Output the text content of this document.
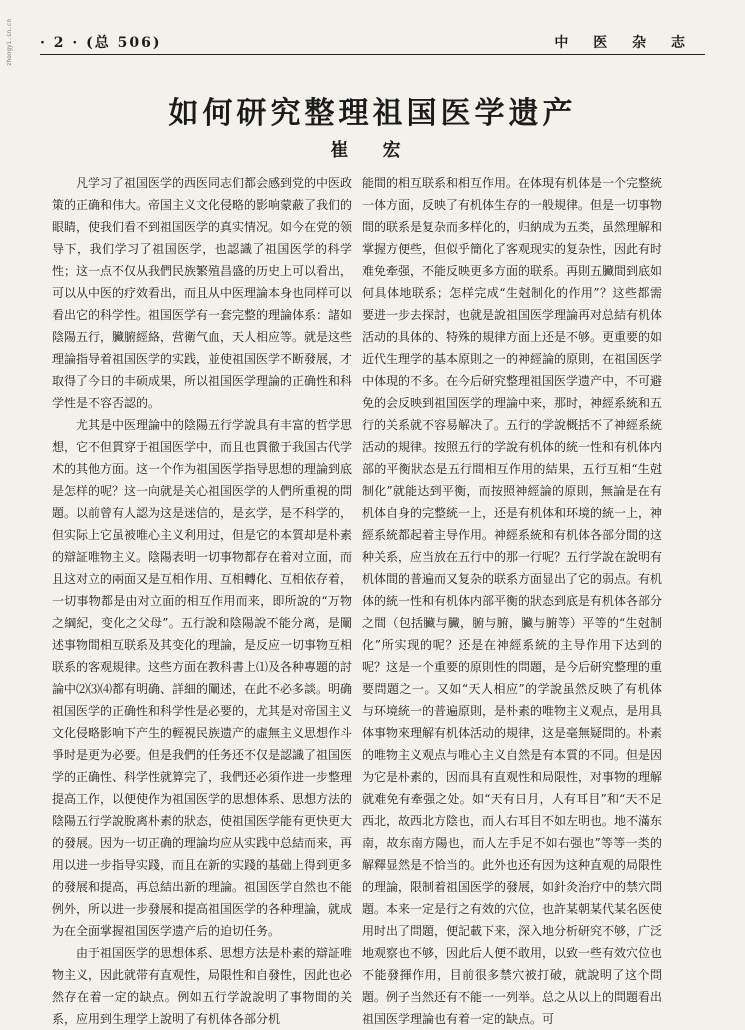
zhongyi.sn.cn	· 2 · (总 506)	中 医 杂 志
如何研究整理祖国医学遗产
崔 宏

凡学习了祖国医学的西医同志们都会感到党的中医政策的正确和伟大。帝国主义文化侵略的影响蒙蔽了我们的眼睛，使我们看不到祖国医学的真实情况。如今在党的领导下，我们学习了祖国医学，也認識了祖国医学的科学性；这一点不仅从我們民族繁殖昌盛的历史上可以看出，可以从中医的疗效看出，而且从中医理論本身也同样可以看出它的科学性。祖国医学有一套完整的理論体系：諸如陰陽五行，臟腑經絡，营衛气血，天人相应等。就是这些理論指导着祖国医学的实践，並使祖国医学不断發展，才取得了今日的丰硕成果，所以祖国医学理論的正确性和科学性是不容否認的。

尤其是中医理論中的陰陽五行学說具有丰富的哲学思想，它不但貫穿于祖国医学中，而且也貫徹于我国古代学术的其他方面。这一个作为祖国医学指导思想的理論到底是怎样的呢？这一向就是关心祖国医学的人們所重視的問題。以前曾有人認为这是迷信的，是玄学，是不科学的，但实际上它虽被唯心主义利用过，但是它的本質却是朴素的辯証唯物主义。陰陽表明一切事物都存在着对立面，而且这对立的兩面又是互相作用、互相轉化、互相依存着，一切事物都是由对立面的相互作用而来，即所說的“万物之綱紀，变化之父母”。五行說和陰陽說不能分离，是闡述事物間相互联系及其变化的理論，是反应一切事物互相联系的客观規律。这些方面在教科書上⑴及各种專題的討論中⑵⑶⑷都有明确、詳細的闡述，在此不必多談。明确祖国医学的正确性和科学性是必要的，尤其是对帝国主义文化侵略影响下产生的輕視民族遗产的虛無主义思想作斗爭时是更为必要。但是我們的任务还不仅是認識了祖国医学的正确性、科学性就算完了，我們还必須作进一步整理提高工作，以便使作为祖国医学的思想体系、思想方法的陰陽五行学說脫离朴素的狀态，使祖国医学能有更快更大的發展。因为一切正确的理論均应从实践中总結而来，再用以进一步指导实踐，而且在新的实踐的基础上得到更多的發展和提高，再总結出新的理論。祖国医学自然也不能例外，所以进一步發展和提高祖国医学的各种理論，就成为在全面掌握祖国医学遗产后的迫切任务。

由于祖国医学的思想体系、思想方法是朴素的辯証唯物主义，因此就带有直观性，局限性和自發性，因此也必然存在着一定的缺点。例如五行学說說明了事物間的关系，应用到生理学上說明了有机体各部分机

能間的相互联系和相互作用。在体現有机体是一个完整統一体方面，反映了有机体生存的一般規律。但是一切事物間的联系是复杂而多样化的，归納成为五类，虽然理解和掌握方便些，但似乎簡化了客观现实的复杂性，因此有时难免牽强，不能反映更多方面的联系。再則五臟間到底如何具体地联系；怎样完成“生尅制化的作用”？这些都需要进一步去探討，也就是說祖国医学理論再对总結有机体活动的具体的、特殊的規律方面上还是不够。更重要的如近代生理学的基本原則之一的神經論的原則，在祖国医学中体現的不多。在今后研究整理祖国医学遗产中，不可避免的会反映到祖国医学的理論中来，那时，神經系統和五行的关系就不容易解决了。五行的学說概括不了神經系統活动的規律。按照五行的学說有机体的統一性和有机体内部的平衡狀态是五行間相互作用的結果，五行互相“生尅制化”就能达到平衡，而按照神經論的原則，無論是在有机体自身的完整統一上，还是有机体和环境的統一上，神經系統都起着主导作用。神經系統和有机体各部分間的这种关系，应当放在五行中的那一行呢？五行学說在說明有机体間的普遍而又复杂的联系方面显出了它的弱点。有机体的統一性和有机体内部平衡的狀态到底是有机体各部分之間（包括臟与臟，腑与腑，臟与腑等）平等的“生尅制化”所实现的呢？还是在神經系統的主导作用下达到的呢？这是一个重要的原則性的問題，是今后研究整理的重要問題之一。又如“天人相应”的学說虽然反映了有机体与环境統一的普遍原則，是朴素的唯物主义观点，是用具体事物來理解有机体活动的規律，这是毫無疑問的。朴素的唯物主义观点与唯心主义自然是有本質的不同。但是因为它是朴素的，因而具有直观性和局限性，对事物的理解就难免有牽强之处。如“天有日月，人有耳目”和“天不足西北，故西北方陰也，而人右耳目不如左明也。地不滿东南，故东南方陽也，而人左手足不如右强也”等等一类的解釋显然是不恰当的。此外也还有因为这种直观的局限性的理論，限制着祖国医学的發展，如針灸治疗中的禁穴問題。本来一定是行之有效的穴位，也許某朝某代某名医使用时出了問題，便記載下来，深入地分析研究不够，广泛地观察也不够，因此后人便不敢用，以致一些有效穴位也不能發揮作用，目前很多禁穴被打破，就說明了这个問題。例子当然还有不能一一列举。总之从以上的問題看出祖国医学理論也有着一定的缺点。可
